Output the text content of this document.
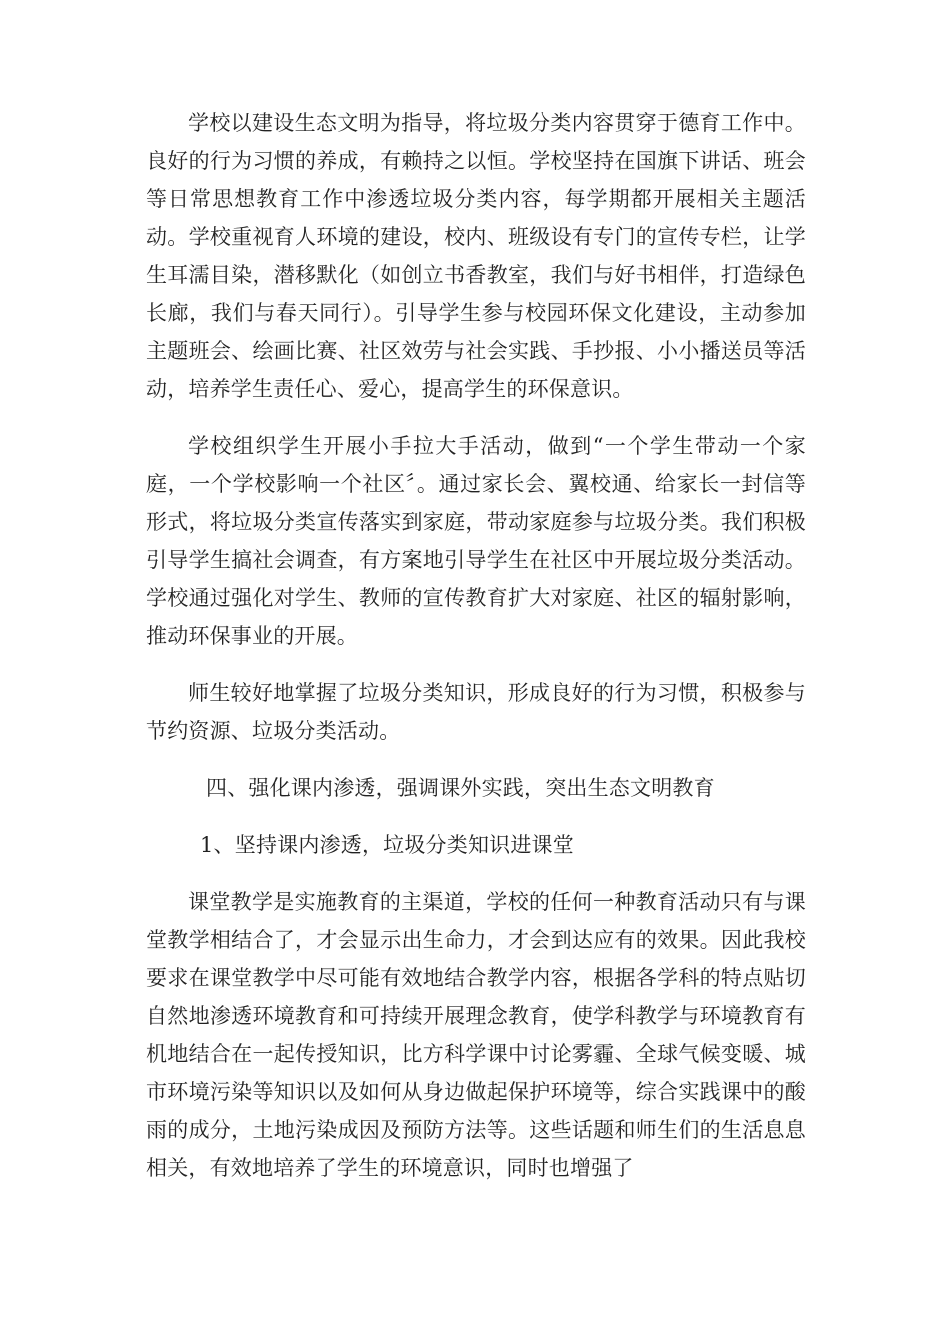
学校以建设生态文明为指导，将垃圾分类内容贯穿于德育工作中。良好的行为习惯的养成，有赖持之以恒。学校坚持在国旗下讲话、班会等日常思想教育工作中渗透垃圾分类内容，每学期都开展相关主题活动。学校重视育人环境的建设，校内、班级设有专门的宣传专栏，让学生耳濡目染，潜移默化（如创立书香教室，我们与好书相伴，打造绿色长廊，我们与春天同行）。引导学生参与校园环保文化建设，主动参加主题班会、绘画比赛、社区效劳与社会实践、手抄报、小小播送员等活动，培养学生责任心、爱心，提高学生的环保意识。

学校组织学生开展小手拉大手活动，做到“一个学生带动一个家庭，一个学校影响一个社区〞。通过家长会、翼校通、给家长一封信等形式，将垃圾分类宣传落实到家庭，带动家庭参与垃圾分类。我们积极引导学生搞社会调查，有方案地引导学生在社区中开展垃圾分类活动。学校通过强化对学生、教师的宣传教育扩大对家庭、社区的辐射影响，推动环保事业的开展。

师生较好地掌握了垃圾分类知识，形成良好的行为习惯，积极参与节约资源、垃圾分类活动。

四、强化课内渗透，强调课外实践，突出生态文明教育

1、坚持课内渗透，垃圾分类知识进课堂

课堂教学是实施教育的主渠道，学校的任何一种教育活动只有与课堂教学相结合了，才会显示出生命力，才会到达应有的效果。因此我校要求在课堂教学中尽可能有效地结合教学内容，根据各学科的特点贴切自然地渗透环境教育和可持续开展理念教育，使学科教学与环境教育有机地结合在一起传授知识，比方科学课中讨论雾霾、全球气候变暖、城市环境污染等知识以及如何从身边做起保护环境等，综合实践课中的酸雨的成分，土地污染成因及预防方法等。这些话题和师生们的生活息息相关，有效地培养了学生的环境意识，同时也增强了
